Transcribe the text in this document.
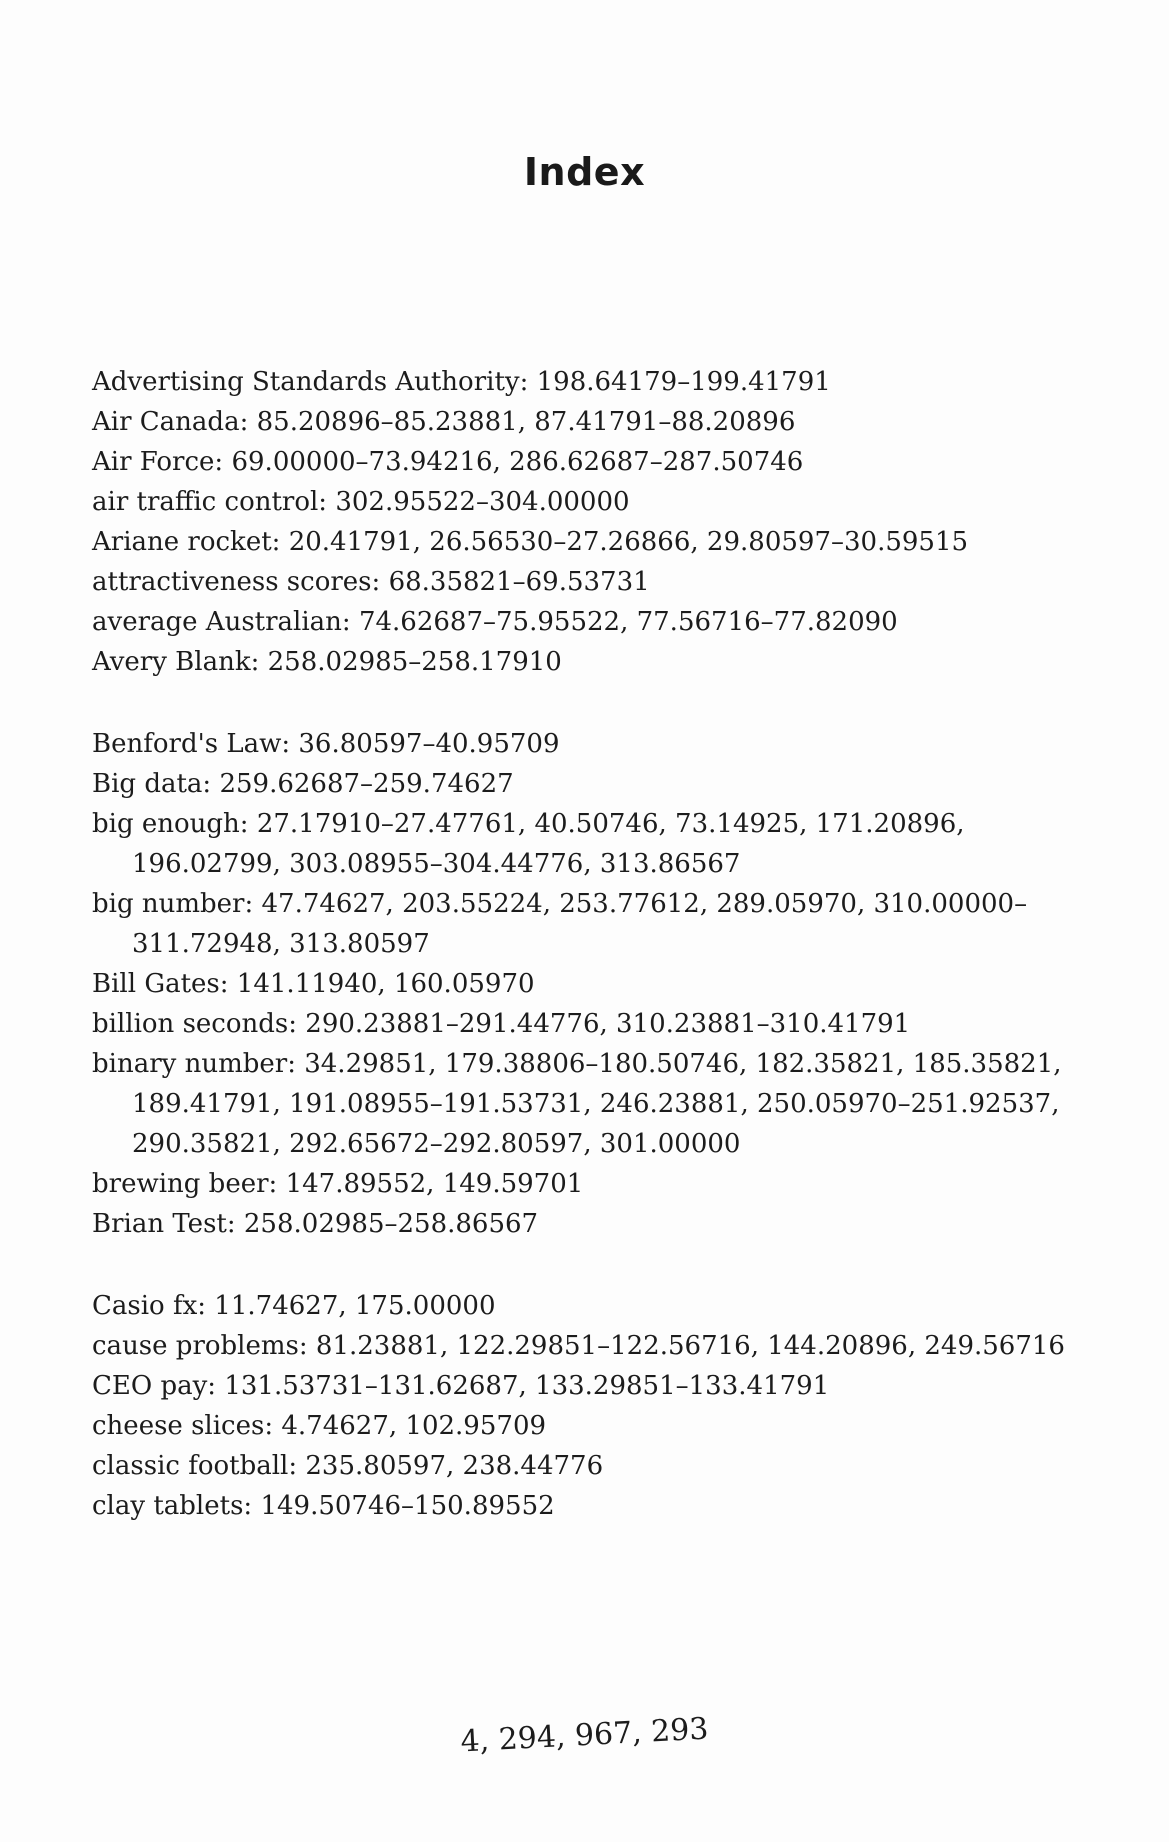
Index
Advertising Standards Authority: 198.64179–199.41791
Air Canada: 85.20896–85.23881, 87.41791–88.20896
Air Force: 69.00000–73.94216, 286.62687–287.50746
air traffic control: 302.95522–304.00000
Ariane rocket: 20.41791, 26.56530–27.26866, 29.80597–30.59515
attractiveness scores: 68.35821–69.53731
average Australian: 74.62687–75.95522, 77.56716–77.82090
Avery Blank: 258.02985–258.17910
Benford's Law: 36.80597–40.95709
Big data: 259.62687–259.74627
big enough: 27.17910–27.47761, 40.50746, 73.14925, 171.20896, 196.02799, 303.08955–304.44776, 313.86567
big number: 47.74627, 203.55224, 253.77612, 289.05970, 310.00000–311.72948, 313.80597
Bill Gates: 141.11940, 160.05970
billion seconds: 290.23881–291.44776, 310.23881–310.41791
binary number: 34.29851, 179.38806–180.50746, 182.35821, 185.35821, 189.41791, 191.08955–191.53731, 246.23881, 250.05970–251.92537, 290.35821, 292.65672–292.80597, 301.00000
brewing beer: 147.89552, 149.59701
Brian Test: 258.02985–258.86567
Casio fx: 11.74627, 175.00000
cause problems: 81.23881, 122.29851–122.56716, 144.20896, 249.56716
CEO pay: 131.53731–131.62687, 133.29851–133.41791
cheese slices: 4.74627, 102.95709
classic football: 235.80597, 238.44776
clay tablets: 149.50746–150.89552
4, 294, 967, 293
